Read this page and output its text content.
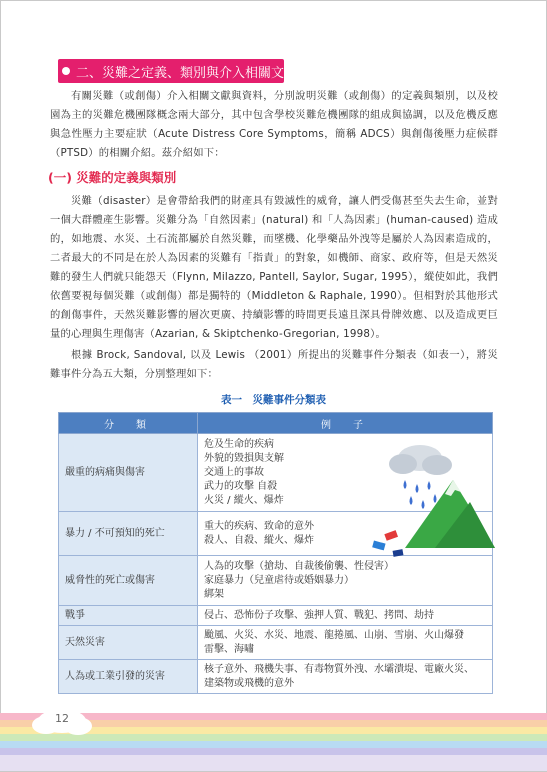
二、災難之定義、類別與介入相關文獻
有關災難（或創傷）介入相關文獻與資料，分別說明災難（或創傷）的定義與類別，以及校園為主的災難危機團隊概念兩大部分，其中包含學校災難危機團隊的組成與協調，以及危機反應與急性壓力主要症狀（Acute Distress Core Symptoms，簡稱 ADCS）與創傷後壓力症候群（PTSD）的相關介紹。茲介紹如下：
(一) 災難的定義與類別
災難（disaster）是會帶給我們的財產具有毀滅性的威脅，讓人們受傷甚至失去生命，並對一個大群體產生影響。災難分為「自然因素」(natural) 和「人為因素」(human-caused) 造成的，如地震、水災、土石流都屬於自然災難，而墜機、化學藥品外洩等是屬於人為因素造成的，二者最大的不同是在於人為因素的災難有「指責」的對象，如機師、商家、政府等，但是天然災難的發生人們就只能怨天（Flynn, Milazzo, Pantell, Saylor, Sugar, 1995），縱使如此，我們依舊要視每個災難（或創傷）都是獨特的（Middleton & Raphale, 1990）。但相對於其他形式的創傷事件，天然災難影響的層次更廣、持續影響的時間更長遠且深具骨牌效應、以及造成更巨量的心理與生理傷害（Azarian, & Skiptchenko-Gregorian, 1998）。
根據 Brock, Sandoval, 以及 Lewis （2001）所提出的災難事件分類表（如表一），將災難事件分為五大類，分別整理如下：
表一　災難事件分類表
分　類	例　子
嚴重的病痛與傷害	危及生命的疾病
外貌的毀損與支解
交通上的事故
武力的攻擊 自殺
火災 / 縱火、爆炸

暴力 / 不可預知的死亡	重大的疾病、致命的意外
殺人、自殺、縱火、爆炸

威脅性的死亡或傷害	人為的攻擊（搶劫、自裁後偷襲、性侵害）
家庭暴力（兒童虐待或婚姻暴力）
綁架

戰爭	侵占、恐怖份子攻擊、強押人質、戰犯、拷問、劫持

天然災害	颱風、火災、水災、地震、龍捲風、山崩、雪崩、火山爆發
雷擊、海嘯

人為或工業引發的災害	核子意外、飛機失事、有毒物質外洩、水壩潰堤、電廠火災、
建築物或飛機的意外
12
